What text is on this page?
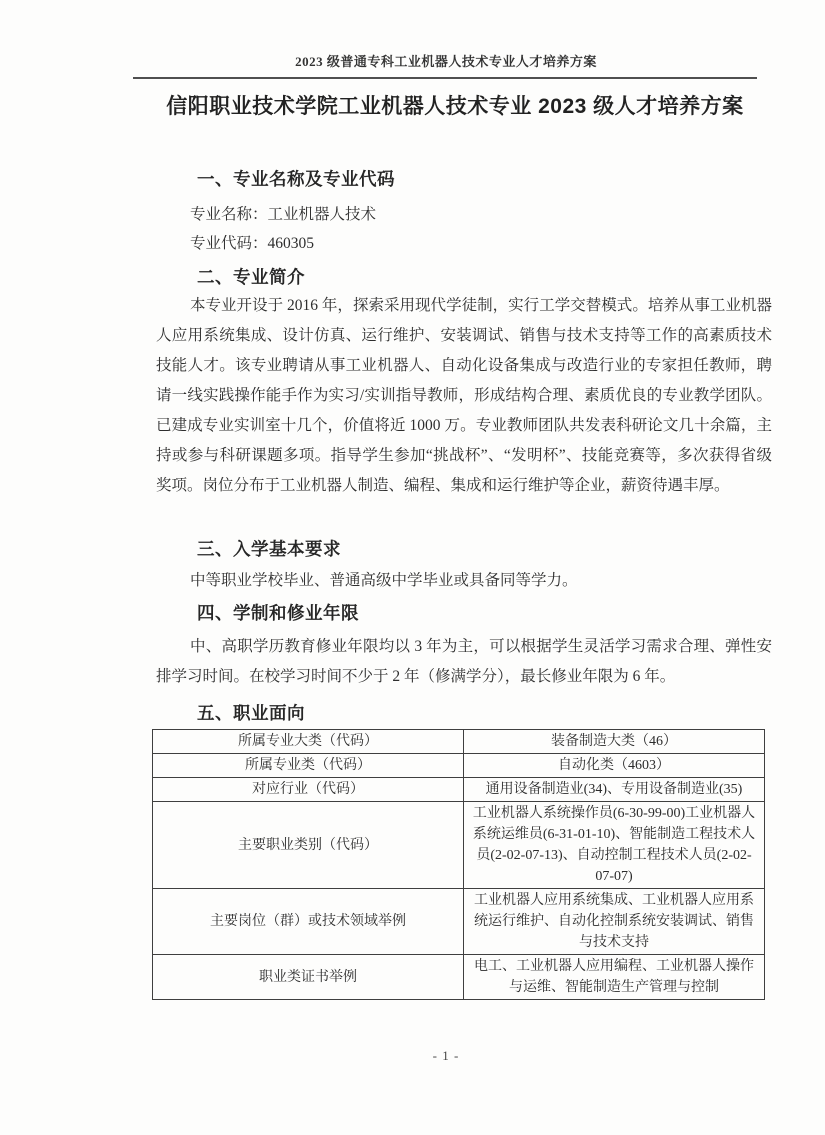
2023 级普通专科工业机器人技术专业人才培养方案
信阳职业技术学院工业机器人技术专业 2023 级人才培养方案
一、专业名称及专业代码
专业名称：工业机器人技术
专业代码：460305
二、专业简介
本专业开设于 2016 年，探索采用现代学徒制，实行工学交替模式。培养从事工业机器人应用系统集成、设计仿真、运行维护、安装调试、销售与技术支持等工作的高素质技术技能人才。该专业聘请从事工业机器人、自动化设备集成与改造行业的专家担任教师，聘请一线实践操作能手作为实习/实训指导教师，形成结构合理、素质优良的专业教学团队。已建成专业实训室十几个，价值将近 1000 万。专业教师团队共发表科研论文几十余篇，主持或参与科研课题多项。指导学生参加“挑战杯”、“发明杯”、技能竞赛等，多次获得省级奖项。岗位分布于工业机器人制造、编程、集成和运行维护等企业，薪资待遇丰厚。
三、入学基本要求
中等职业学校毕业、普通高级中学毕业或具备同等学力。
四、学制和修业年限
中、高职学历教育修业年限均以 3 年为主，可以根据学生灵活学习需求合理、弹性安排学习时间。在校学习时间不少于 2 年（修满学分），最长修业年限为 6 年。
五、职业面向
所属专业大类（代码）	装备制造大类（46）
所属专业类（代码）	自动化类（4603）
对应行业（代码）	通用设备制造业(34)、专用设备制造业(35)
主要职业类别（代码）	工业机器人系统操作员(6-30-99-00)工业机器人系统运维员(6-31-01-10)、智能制造工程技术人员(2-02-07-13)、自动控制工程技术人员(2-02-07-07)
主要岗位（群）或技术领域举例	工业机器人应用系统集成、工业机器人应用系统运行维护、自动化控制系统安装调试、销售与技术支持
职业类证书举例	电工、工业机器人应用编程、工业机器人操作与运维、智能制造生产管理与控制
- 1 -
